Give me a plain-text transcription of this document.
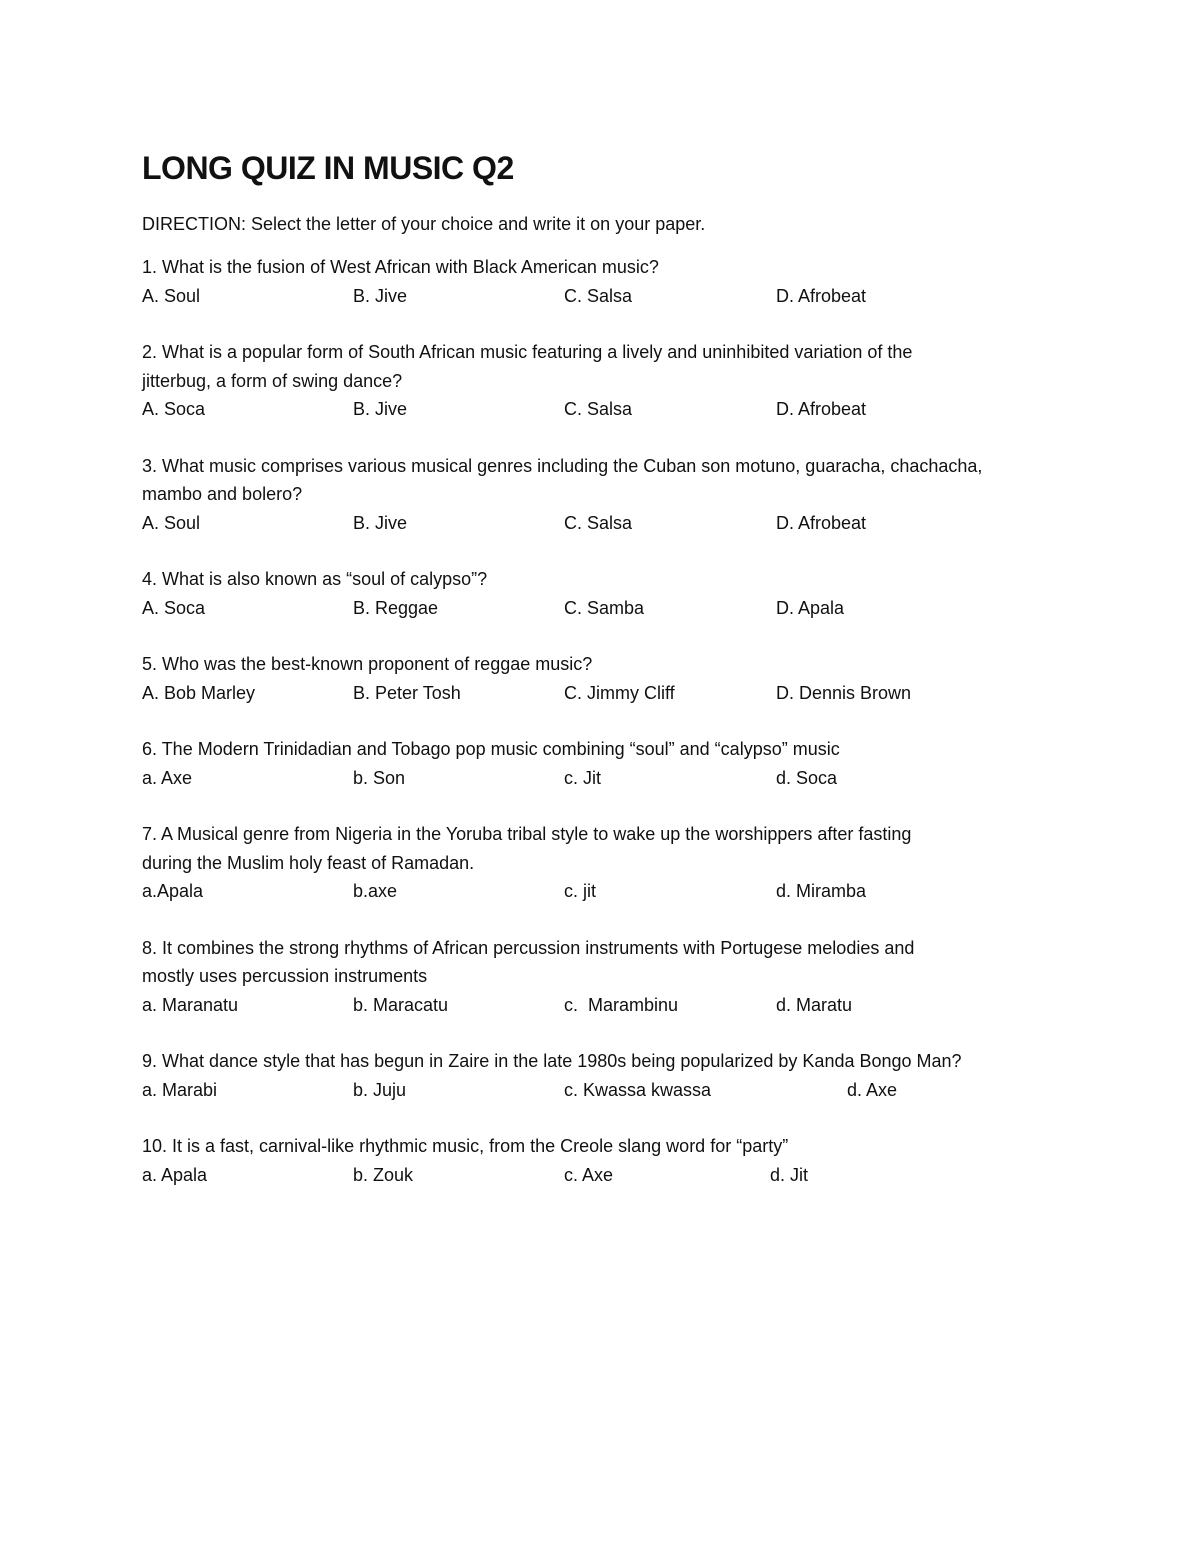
LONG QUIZ IN MUSIC Q2

DIRECTION: Select the letter of your choice and write it on your paper.

1. What is the fusion of West African with Black American music?

A. Soul	B. Jive	C. Salsa	D. Afrobeat

2. What is a popular form of South African music featuring a lively and uninhibited variation of the

jitterbug, a form of swing dance?

A. Soca	B. Jive	C. Salsa	D. Afrobeat

3. What music comprises various musical genres including the Cuban son motuno, guaracha, chachacha,

mambo and bolero?

A. Soul	B. Jive	C. Salsa	D. Afrobeat

4. What is also known as “soul of calypso”?

A. Soca	B. Reggae	C. Samba	D. Apala

5. Who was the best-known proponent of reggae music?

A. Bob Marley	B. Peter Tosh	C. Jimmy Cliff	D. Dennis Brown

6. The Modern Trinidadian and Tobago pop music combining “soul” and “calypso” music

a. Axe	b. Son	c. Jit	d. Soca

7. A Musical genre from Nigeria in the Yoruba tribal style to wake up the worshippers after fasting

during the Muslim holy feast of Ramadan.

a.Apala	b.axe	c. jit	d. Miramba

8. It combines the strong rhythms of African percussion instruments with Portugese melodies and

mostly uses percussion instruments

a. Maranatu	b. Maracatu	c.  Marambinu	d. Maratu

9. What dance style that has begun in Zaire in the late 1980s being popularized by Kanda Bongo Man?

a. Marabi	b. Juju	c. Kwassa kwassa	d. Axe

10. It is a fast, carnival-like rhythmic music, from the Creole slang word for “party”

a. Apala	b. Zouk	c. Axe	d. Jit
